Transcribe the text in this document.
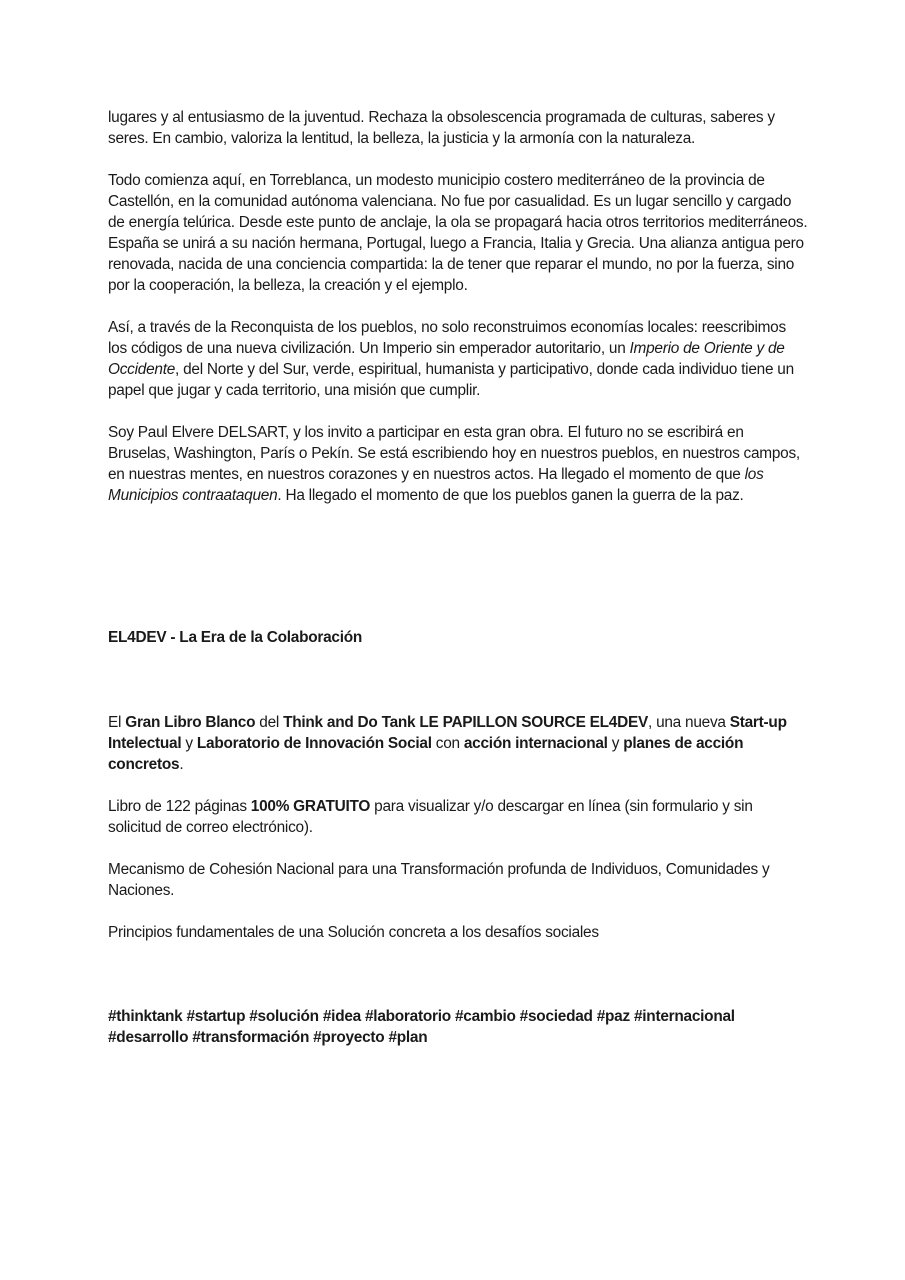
lugares y al entusiasmo de la juventud. Rechaza la obsolescencia programada de culturas, saberes y seres. En cambio, valoriza la lentitud, la belleza, la justicia y la armonía con la naturaleza.

Todo comienza aquí, en Torreblanca, un modesto municipio costero mediterráneo de la provincia de Castellón, en la comunidad autónoma valenciana. No fue por casualidad. Es un lugar sencillo y cargado de energía telúrica. Desde este punto de anclaje, la ola se propagará hacia otros territorios mediterráneos. España se unirá a su nación hermana, Portugal, luego a Francia, Italia y Grecia. Una alianza antigua pero renovada, nacida de una conciencia compartida: la de tener que reparar el mundo, no por la fuerza, sino por la cooperación, la belleza, la creación y el ejemplo.

Así, a través de la Reconquista de los pueblos, no solo reconstruimos economías locales: reescribimos los códigos de una nueva civilización. Un Imperio sin emperador autoritario, un Imperio de Oriente y de Occidente, del Norte y del Sur, verde, espiritual, humanista y participativo, donde cada individuo tiene un papel que jugar y cada territorio, una misión que cumplir.

Soy Paul Elvere DELSART, y los invito a participar en esta gran obra. El futuro no se escribirá en Bruselas, Washington, París o Pekín. Se está escribiendo hoy en nuestros pueblos, en nuestros campos, en nuestras mentes, en nuestros corazones y en nuestros actos. Ha llegado el momento de que los Municipios contraataquen. Ha llegado el momento de que los pueblos ganen la guerra de la paz.

EL4DEV - La Era de la Colaboración

El Gran Libro Blanco del Think and Do Tank LE PAPILLON SOURCE EL4DEV, una nueva Start-up Intelectual y Laboratorio de Innovación Social con acción internacional y planes de acción concretos.

Libro de 122 páginas 100% GRATUITO para visualizar y/o descargar en línea (sin formulario y sin solicitud de correo electrónico).

Mecanismo de Cohesión Nacional para una Transformación profunda de Individuos, Comunidades y Naciones.

Principios fundamentales de una Solución concreta a los desafíos sociales

#thinktank #startup #solución #idea #laboratorio #cambio #sociedad #paz #internacional #desarrollo #transformación #proyecto #plan
